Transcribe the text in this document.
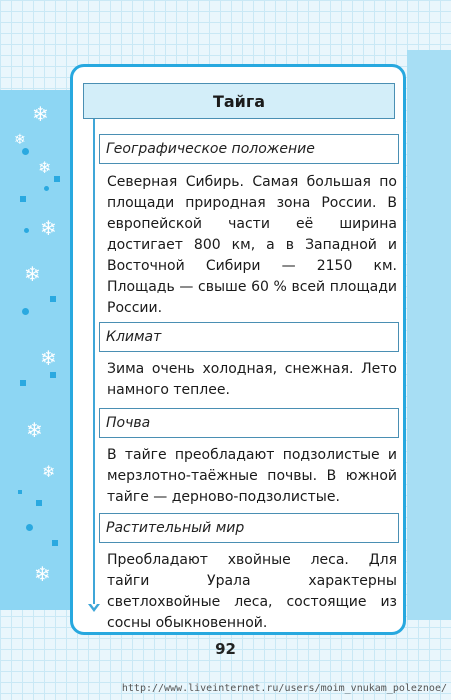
❄
❄
❄
❄
❄
❄
❄
❄
❄
Тайга
Географическое положение
Северная Сибирь. Самая большая по площади природная зона России. В европейской части её ширина достигает 800 км, а в Западной и Восточной Сибири — 2150 км. Площадь — свыше 60 % всей площади России.
Климат
Зима очень холодная, снежная. Лето намного теплее.
Почва
В тайге преобладают подзолистые и мерзлотно-таёжные почвы. В южной тайге — дерново-подзолистые.
Растительный мир
Преобладают хвойные леса. Для тайги Урала характерны светлохвойные леса, состоящие из сосны обыкновенной.
92
http://www.liveinternet.ru/users/moim_vnukam_poleznoe/
